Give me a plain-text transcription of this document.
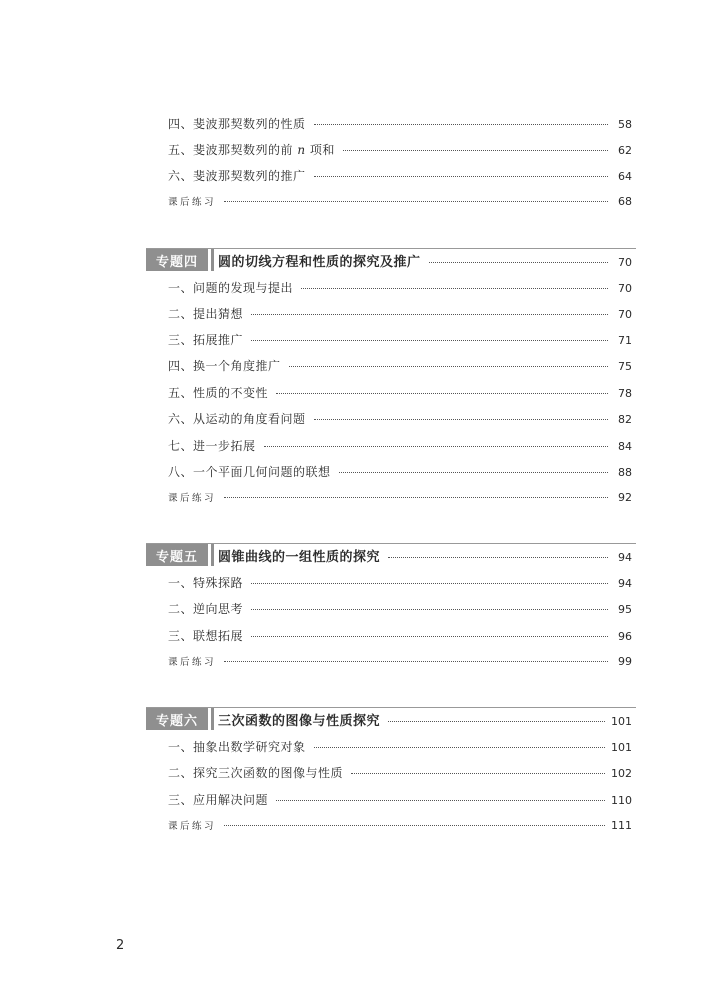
四、斐波那契数列的性质	58
五、斐波那契数列的前 n 项和	62
六、斐波那契数列的推广	64
课后练习	68
专题四	圆的切线方程和性质的探究及推广	70
一、问题的发现与提出	70
二、提出猜想	70
三、拓展推广	71
四、换一个角度推广	75
五、性质的不变性	78
六、从运动的角度看问题	82
七、进一步拓展	84
八、一个平面几何问题的联想	88
课后练习	92
专题五	圆锥曲线的一组性质的探究	94
一、特殊探路	94
二、逆向思考	95
三、联想拓展	96
课后练习	99
专题六	三次函数的图像与性质探究	101
一、抽象出数学研究对象	101
二、探究三次函数的图像与性质	102
三、应用解决问题	110
课后练习	111
2
